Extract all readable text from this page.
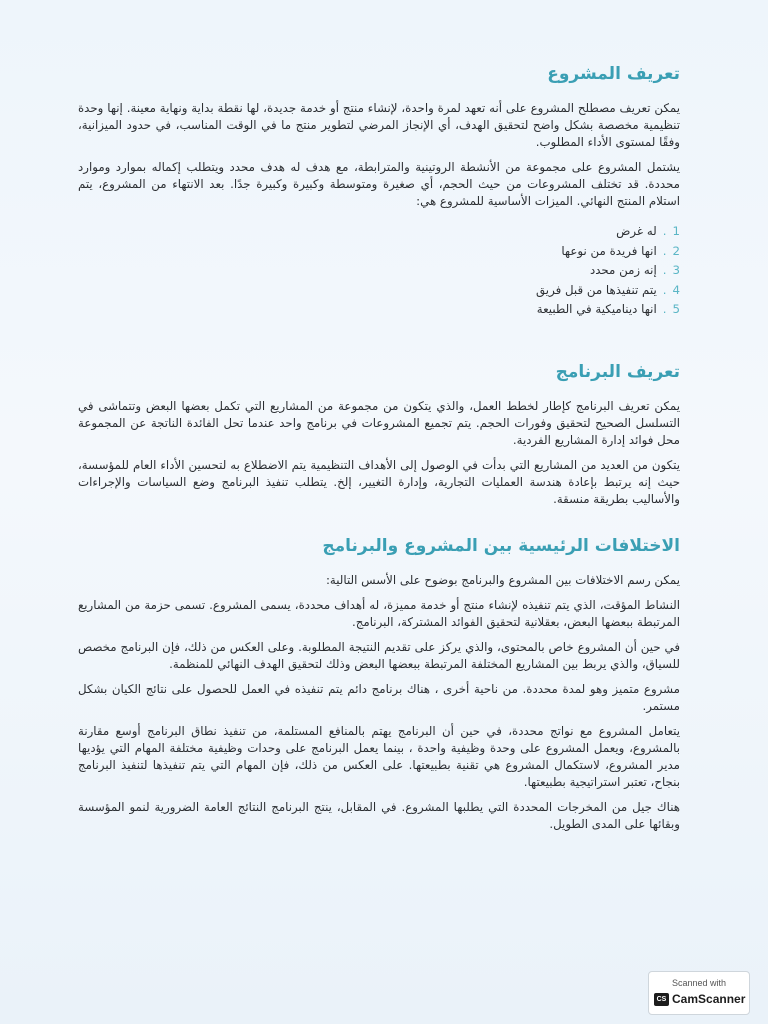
تعريف المشروع

يمكن تعريف مصطلح المشروع على أنه تعهد لمرة واحدة، لإنشاء منتج أو خدمة جديدة، لها نقطة بداية ونهاية معينة. إنها وحدة تنظيمية مخصصة بشكل واضح لتحقيق الهدف، أي الإنجاز المرضي لتطوير منتج ما في الوقت المناسب، في حدود الميزانية، وفقًا لمستوى الأداء المطلوب.

يشتمل المشروع على مجموعة من الأنشطة الروتينية والمترابطة، مع هدف له هدف محدد ويتطلب إكماله بموارد وموارد محددة. قد تختلف المشروعات من حيث الحجم، أي صغيرة ومتوسطة وكبيرة وكبيرة جدًا. بعد الانتهاء من المشروع، يتم استلام المنتج النهائي. الميزات الأساسية للمشروع هي:

1
.
له غرض
2
.
انها فريدة من نوعها
3
.
إنه زمن محدد
4
.
يتم تنفيذها من قبل فريق
5
.
انها ديناميكية في الطبيعة
تعريف البرنامج

يمكن تعريف البرنامج كإطار لخطط العمل، والذي يتكون من مجموعة من المشاريع التي تكمل بعضها البعض وتتماشى في التسلسل الصحيح لتحقيق وفورات الحجم. يتم تجميع المشروعات في برنامج واحد عندما تحل الفائدة الناتجة عن المجموعة محل فوائد إدارة المشاريع الفردية.

يتكون من العديد من المشاريع التي بدأت في الوصول إلى الأهداف التنظيمية يتم الاضطلاع به لتحسين الأداء العام للمؤسسة، حيث إنه يرتبط بإعادة هندسة العمليات التجارية، وإدارة التغيير، إلخ. يتطلب تنفيذ البرنامج وضع السياسات والإجراءات والأساليب بطريقة منسقة.

الاختلافات الرئيسية بين المشروع والبرنامج

يمكن رسم الاختلافات بين المشروع والبرنامج بوضوح على الأسس التالية:

النشاط المؤقت، الذي يتم تنفيذه لإنشاء منتج أو خدمة مميزة، له أهداف محددة، يسمى المشروع. تسمى حزمة من المشاريع المرتبطة ببعضها البعض، بعقلانية لتحقيق الفوائد المشتركة، البرنامج.

في حين أن المشروع خاص بالمحتوى، والذي يركز على تقديم النتيجة المطلوبة. وعلى العكس من ذلك، فإن البرنامج مخصص للسياق، والذي يربط بين المشاريع المختلفة المرتبطة ببعضها البعض وذلك لتحقيق الهدف النهائي للمنظمة.

مشروع متميز وهو لمدة محددة. من ناحية أخرى ، هناك برنامج دائم يتم تنفيذه في العمل للحصول على نتائج الكيان بشكل مستمر.

يتعامل المشروع مع نواتج محددة، في حين أن البرنامج يهتم بالمنافع المستلمة، من تنفيذ نطاق البرنامج أوسع مقارنة بالمشروع، ويعمل المشروع على وحدة وظيفية واحدة ، بينما يعمل البرنامج على وحدات وظيفية مختلفة المهام التي يؤديها مدير المشروع، لاستكمال المشروع هي تقنية بطبيعتها. على العكس من ذلك، فإن المهام التي يتم تنفيذها لتنفيذ البرنامج بنجاح، تعتبر استراتيجية بطبيعتها.

هناك جيل من المخرجات المحددة التي يطلبها المشروع. في المقابل، ينتج البرنامج النتائج العامة الضرورية لنمو المؤسسة وبقائها على المدى الطويل.

Scanned with
CS CamScanner
